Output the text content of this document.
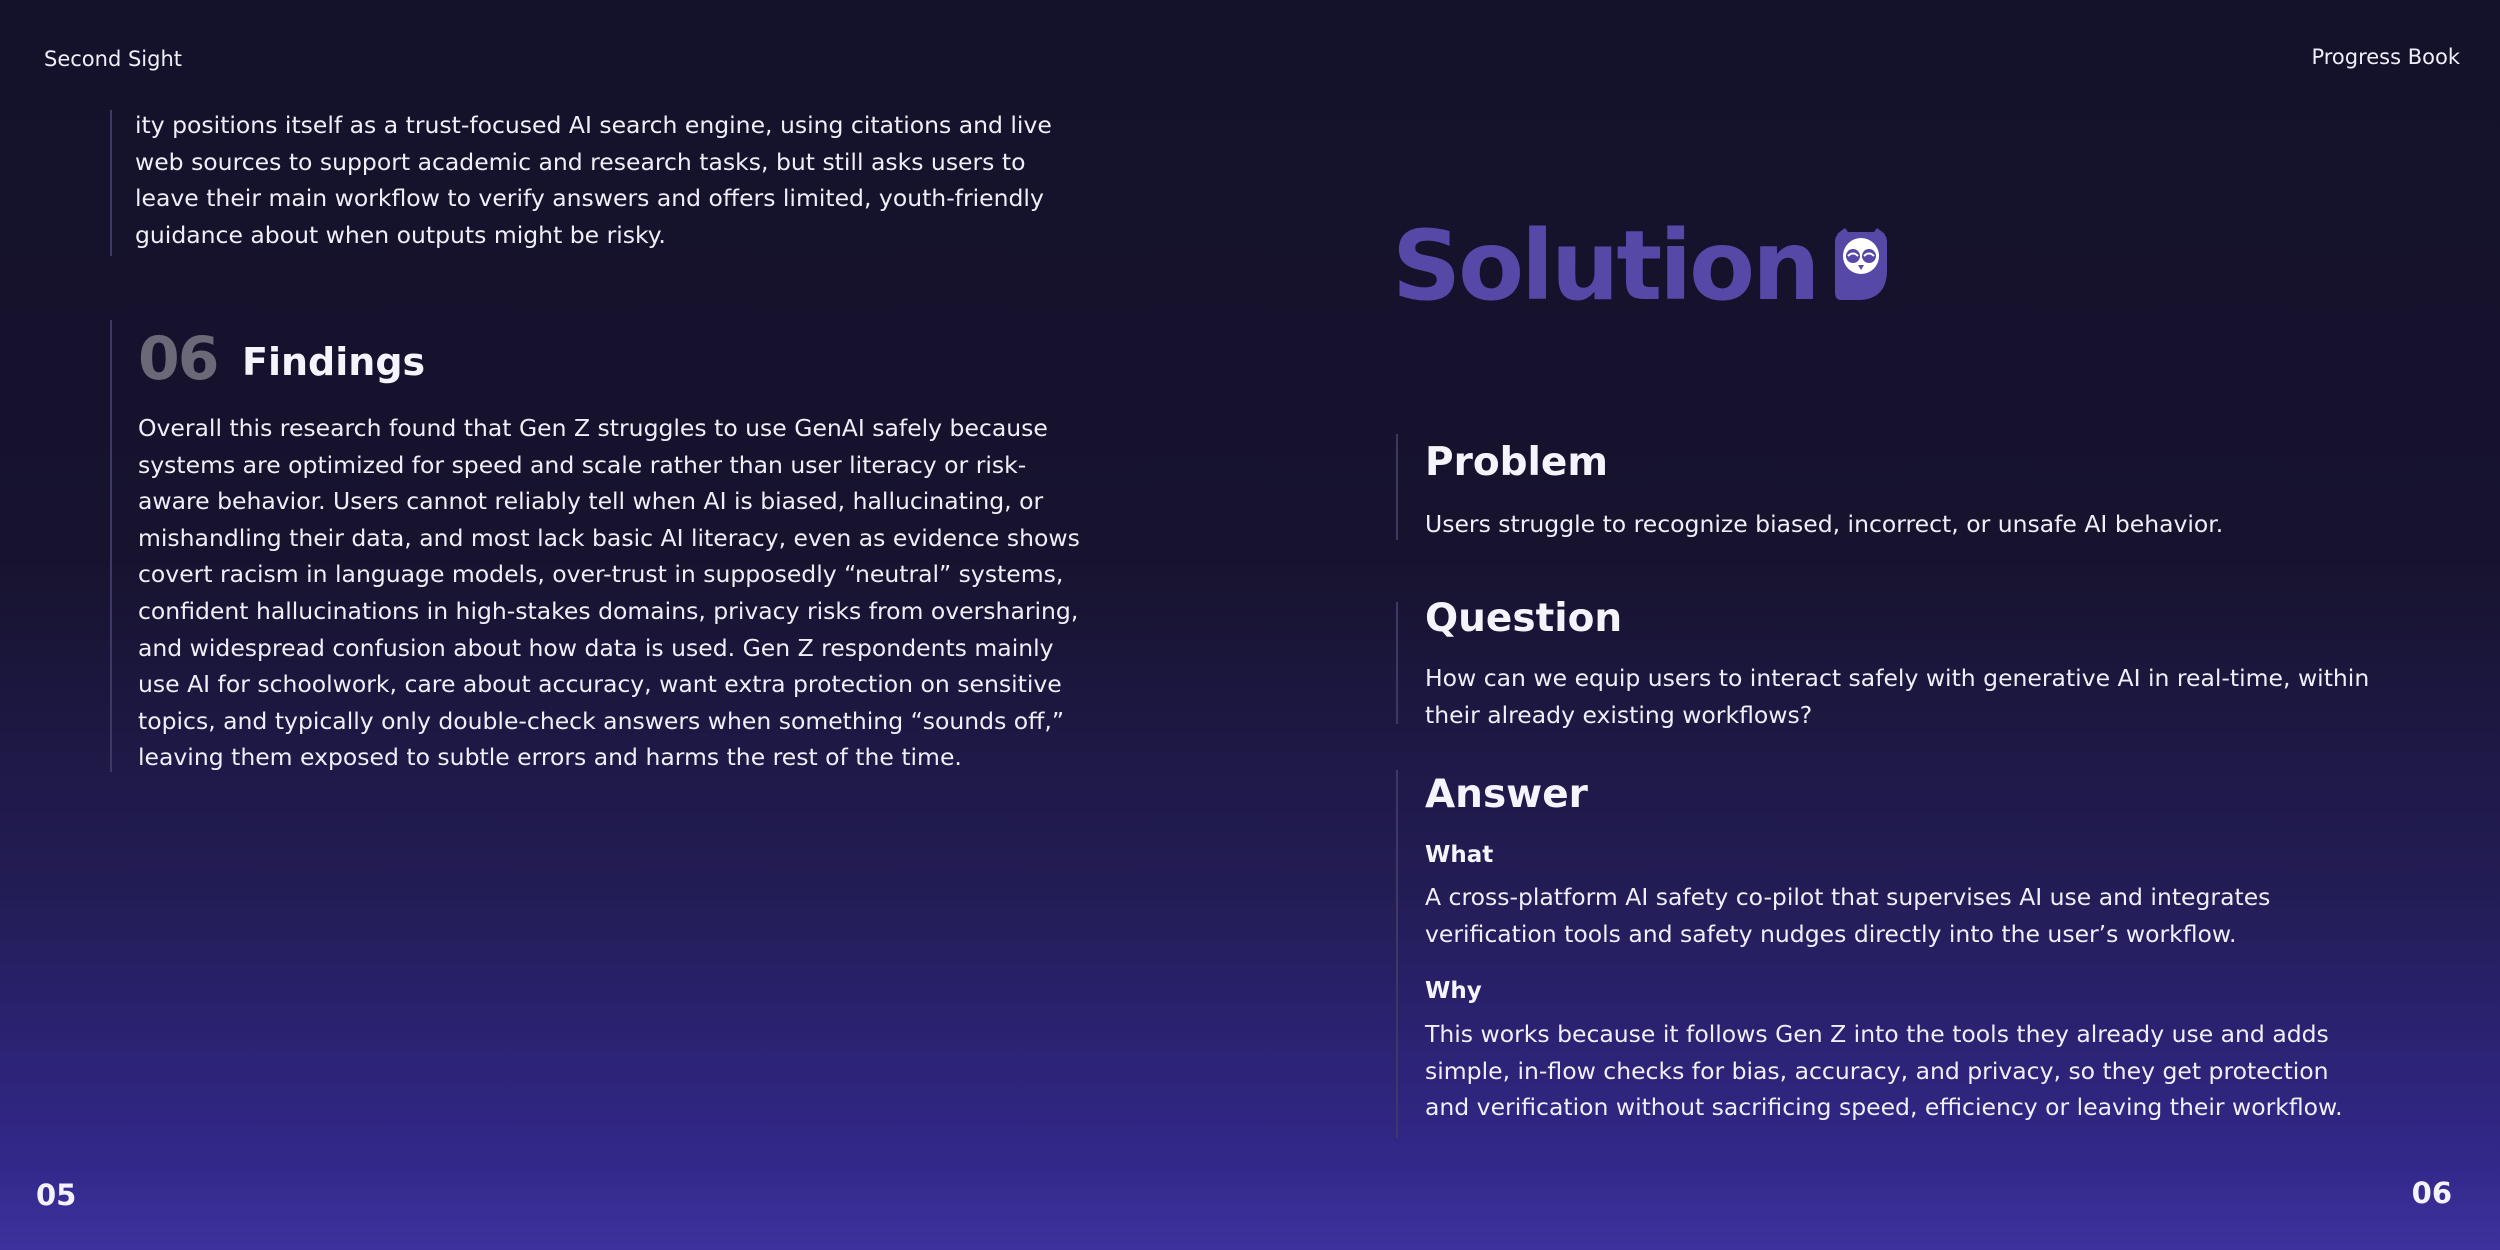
Second Sight	Progress Book

ity positions itself as a trust-focused AI search engine, using citations and live web sources to support academic and research tasks, but still asks users to leave their main workflow to verify answers and offers limited, youth-friendly guidance about when outputs might be risky.

06 Findings

Overall this research found that Gen Z struggles to use GenAI safely because systems are optimized for speed and scale rather than user literacy or risk-aware behavior. Users cannot reliably tell when AI is biased, hallucinating, or mishandling their data, and most lack basic AI literacy, even as evidence shows covert racism in language models, over-trust in supposedly “neutral” systems, confident hallucinations in high-stakes domains, privacy risks from oversharing, and widespread confusion about how data is used. Gen Z respondents mainly use AI for schoolwork, care about accuracy, want extra protection on sensitive topics, and typically only double-check answers when something “sounds off,” leaving them exposed to subtle errors and harms the rest of the time.

05
Solution
Problem

Users struggle to recognize biased, incorrect, or unsafe AI behavior.

Question

How can we equip users to interact safely with generative AI in real-time, within their already existing workflows?

Answer
What

A cross-platform AI safety co-pilot that supervises AI use and integrates verification tools and safety nudges directly into the user’s workflow.

Why

This works because it follows Gen Z into the tools they already use and adds simple, in-flow checks for bias, accuracy, and privacy, so they get protection and verification without sacrificing speed, efficiency or leaving their workflow.

06
